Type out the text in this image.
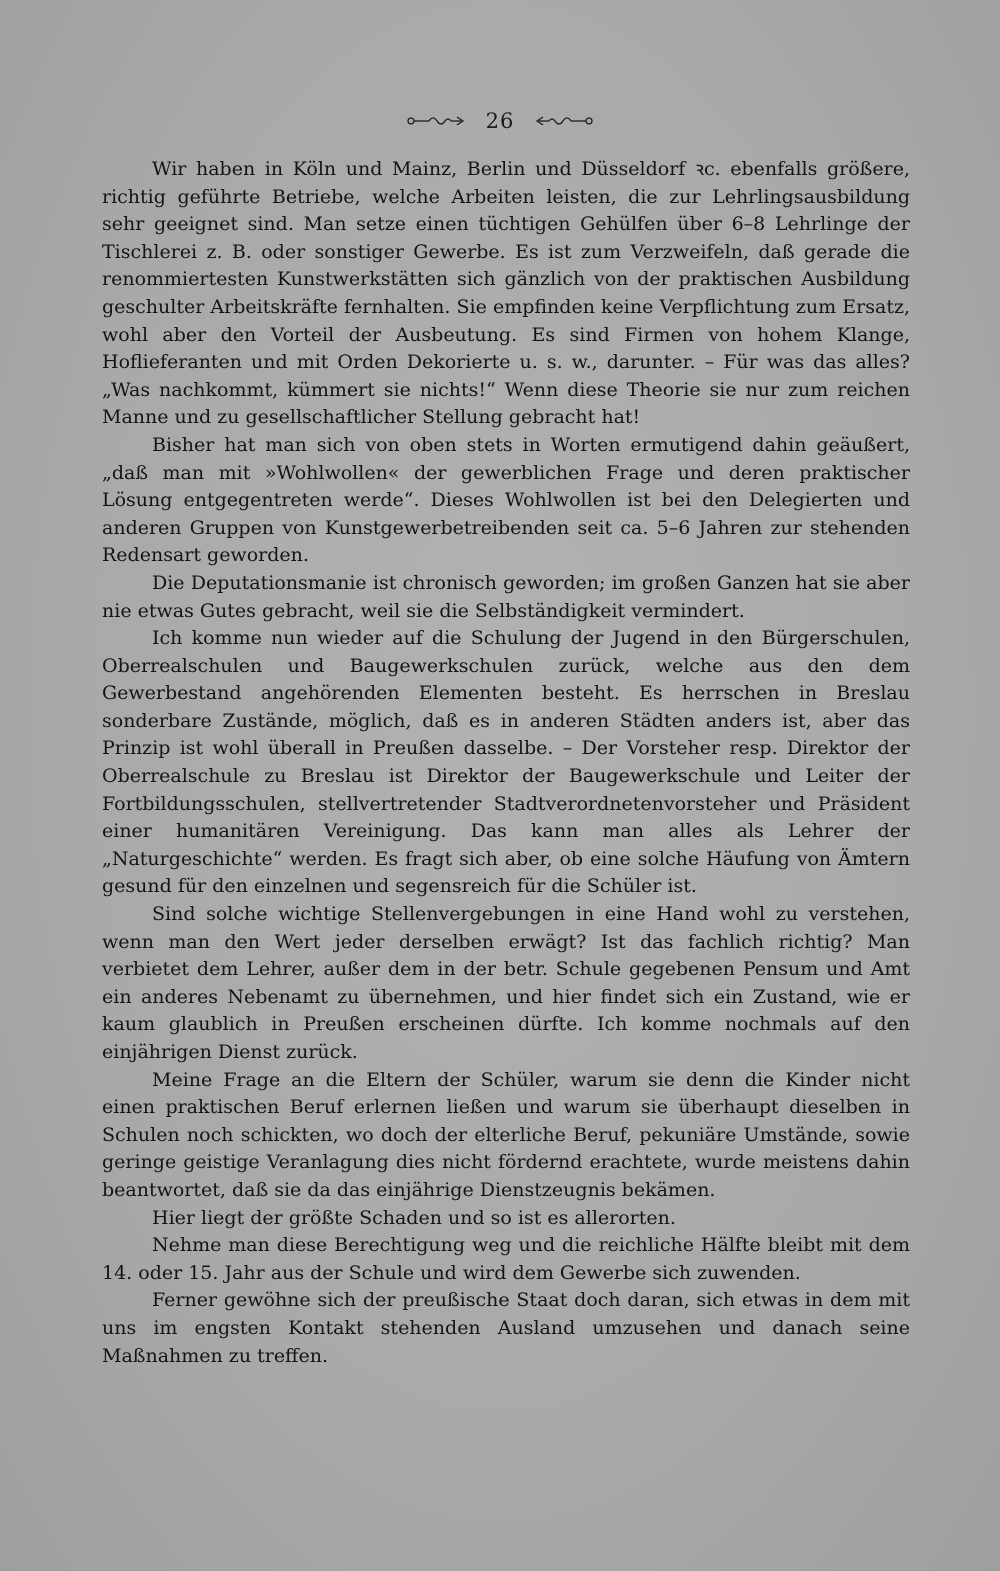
26

Wir haben in Köln und Mainz, Berlin und Düsseldorf ꝛc. ebenfalls größere, richtig geführte Betriebe, welche Arbeiten leisten, die zur Lehrlingsausbildung sehr geeignet sind. Man setze einen tüchtigen Gehülfen über 6–8 Lehrlinge der Tischlerei z. B. oder sonstiger Gewerbe. Es ist zum Verzweifeln, daß gerade die renommiertesten Kunstwerkstätten sich gänzlich von der praktischen Ausbildung geschulter Arbeitskräfte fernhalten. Sie empfinden keine Verpflichtung zum Ersatz, wohl aber den Vorteil der Ausbeutung. Es sind Firmen von hohem Klange, Hoflieferanten und mit Orden Dekorierte u. s. w., darunter. – Für was das alles? „Was nachkommt, kümmert sie nichts!“ Wenn diese Theorie sie nur zum reichen Manne und zu gesellschaftlicher Stellung gebracht hat!

Bisher hat man sich von oben stets in Worten ermutigend dahin geäußert, „daß man mit »Wohlwollen« der gewerblichen Frage und deren praktischer Lösung entgegentreten werde“. Dieses Wohlwollen ist bei den Delegierten und anderen Gruppen von Kunstgewerbetreibenden seit ca. 5–6 Jahren zur stehenden Redensart geworden.

Die Deputationsmanie ist chronisch geworden; im großen Ganzen hat sie aber nie etwas Gutes gebracht, weil sie die Selbständigkeit vermindert.

Ich komme nun wieder auf die Schulung der Jugend in den Bürgerschulen, Oberrealschulen und Baugewerkschulen zurück, welche aus den dem Gewerbestand angehörenden Elementen besteht. Es herrschen in Breslau sonderbare Zustände, möglich, daß es in anderen Städten anders ist, aber das Prinzip ist wohl überall in Preußen dasselbe. – Der Vorsteher resp. Direktor der Oberrealschule zu Breslau ist Direktor der Baugewerkschule und Leiter der Fortbildungsschulen, stellvertretender Stadtverordnetenvorsteher und Präsident einer humanitären Vereinigung. Das kann man alles als Lehrer der „Naturgeschichte“ werden. Es fragt sich aber, ob eine solche Häufung von Ämtern gesund für den einzelnen und segensreich für die Schüler ist.

Sind solche wichtige Stellenvergebungen in eine Hand wohl zu verstehen, wenn man den Wert jeder derselben erwägt? Ist das fachlich richtig? Man verbietet dem Lehrer, außer dem in der betr. Schule gegebenen Pensum und Amt ein anderes Nebenamt zu übernehmen, und hier findet sich ein Zustand, wie er kaum glaublich in Preußen erscheinen dürfte. Ich komme nochmals auf den einjährigen Dienst zurück.

Meine Frage an die Eltern der Schüler, warum sie denn die Kinder nicht einen praktischen Beruf erlernen ließen und warum sie überhaupt dieselben in Schulen noch schickten, wo doch der elterliche Beruf, pekuniäre Umstände, sowie geringe geistige Veranlagung dies nicht fördernd erachtete, wurde meistens dahin beantwortet, daß sie da das einjährige Dienstzeugnis bekämen.

Hier liegt der größte Schaden und so ist es allerorten.

Nehme man diese Berechtigung weg und die reichliche Hälfte bleibt mit dem 14. oder 15. Jahr aus der Schule und wird dem Gewerbe sich zuwenden.

Ferner gewöhne sich der preußische Staat doch daran, sich etwas in dem mit uns im engsten Kontakt stehenden Ausland umzusehen und danach seine Maßnahmen zu treffen.
